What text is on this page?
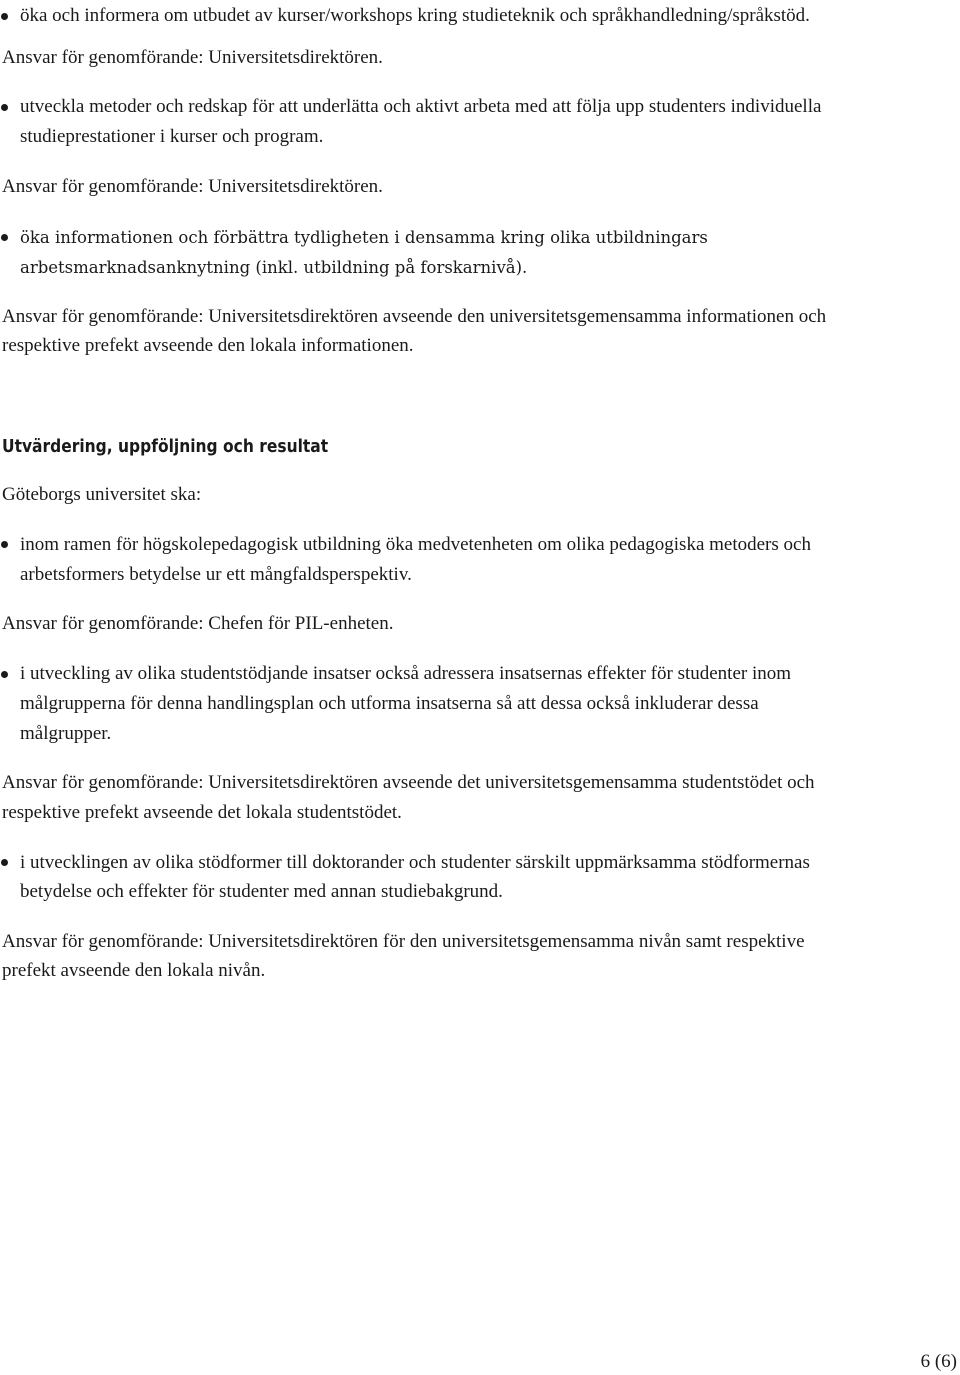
öka och informera om utbudet av kurser/workshops kring studieteknik och språkhandledning/språkstöd.
Ansvar för genomförande: Universitetsdirektören.
utveckla metoder och redskap för att underlätta och aktivt arbeta med att följa upp studenters individuella
studieprestationer i kurser och program.
Ansvar för genomförande: Universitetsdirektören.
öka informationen och förbättra tydligheten i densamma kring olika utbildningars
arbetsmarknadsanknytning (inkl. utbildning på forskarnivå).
Ansvar för genomförande: Universitetsdirektören avseende den universitetsgemensamma informationen och
respektive prefekt avseende den lokala informationen.
Utvärdering, uppföljning och resultat
Göteborgs universitet ska:
inom ramen för högskolepedagogisk utbildning öka medvetenheten om olika pedagogiska metoders och
arbetsformers betydelse ur ett mångfaldsperspektiv.
Ansvar för genomförande: Chefen för PIL-enheten.
i utveckling av olika studentstödjande insatser också adressera insatsernas effekter för studenter inom
målgrupperna för denna handlingsplan och utforma insatserna så att dessa också inkluderar dessa
målgrupper.
Ansvar för genomförande: Universitetsdirektören avseende det universitetsgemensamma studentstödet och
respektive prefekt avseende det lokala studentstödet.
i utvecklingen av olika stödformer till doktorander och studenter särskilt uppmärksamma stödformernas
betydelse och effekter för studenter med annan studiebakgrund.
Ansvar för genomförande: Universitetsdirektören för den universitetsgemensamma nivån samt respektive
prefekt avseende den lokala nivån.
6 (6)
